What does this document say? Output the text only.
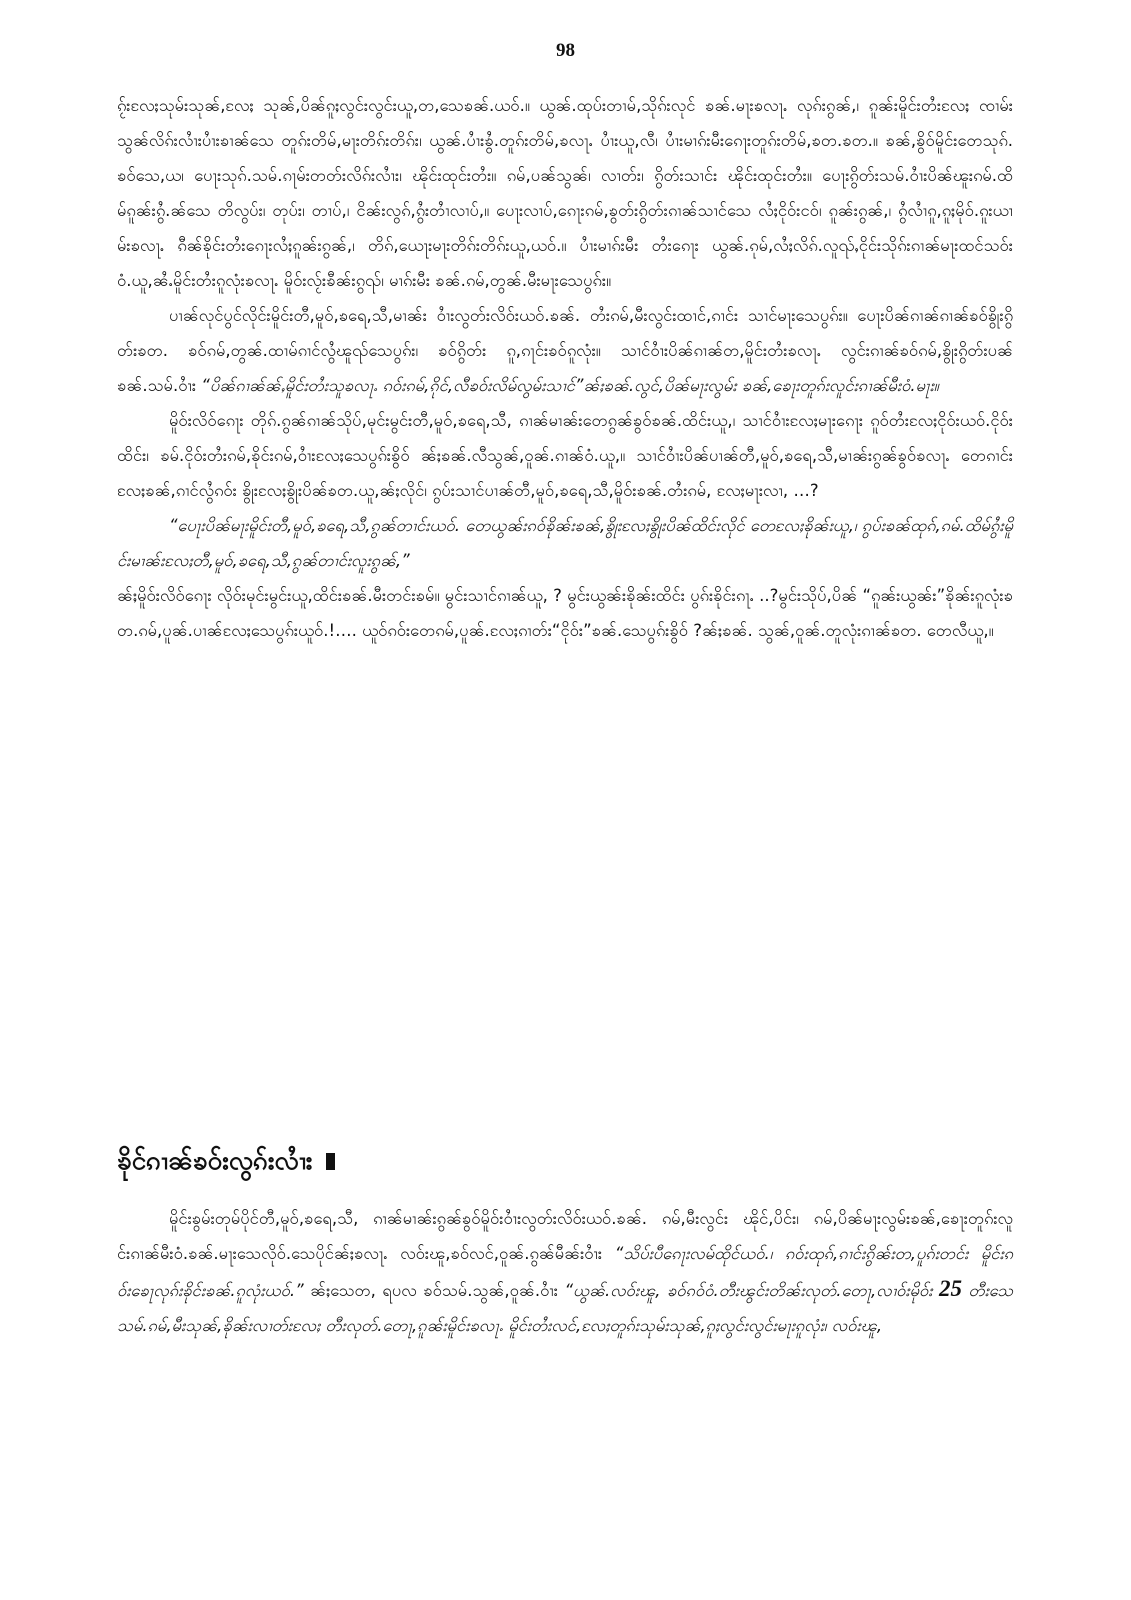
98

ၵႂ်းလႄႈသုမ်းသုၼ်,လႄႈ သုၼ်,ပိၼ်ၵူႈလွင်းလွင်းယူ,တ,သေၶၼ်.ယဝ်.။ ယွၼ်.ထုပ်းတၢမ်,သိုၵ်းလုင် ၶၼ်.မႃးၶလႃႉ လုၵ်းၵွၼ်,၊ ၵူၼ်းမိူင်းတႆးလႄႈ ၸၢမ်းသွၼ်လိၵ်းလၢႆးပၢႆးၶၢၼ်သေ တူၵ်းတိမ်,မႃးတိၵ်းတိၵ်း၊ ယွၼ်.ပၢႆးၶွႆ.တူၵ်းတိမ်,ၶလႃႉ ပၢႆးယူ,လီ၊ ပၢႆးမၢၵ်းမီးၵေႃးတူၵ်းတိမ်,ၶတ.ၶတ.။ ၶၼ်,ၶွိဝ်မိူင်းတေသုၵ်. ၶဝ်သေ,ယ၊ ပေႃးသုၵ်.သမ်.ၵႃမ်းတတ်းလိၵ်းလၢႆး၊ ၽိုင်းထုင်းတႆး။ ၵမ်,ပၼ်သွၼ်၊ လၢတ်း၊ ၵွိတ်းသၢင်း ၽိုင်းထုင်းတႆး။ ပေႃးၵွိတ်းသမ်.ဝၢႆးပိၼ်ၽူးၵမ်.ထိမ်ၵူၼ်းၵွႆ.ၼ်သေ တိလွပ်း၊ တုပ်း၊ တၢပ်,၊ ငိၼ်းလွၵ်,ၵွႆးတၢႆလၢပ်,။ ပေႃးလၢပ်,ၵေႃးၵမ်,ၶွတ်းၵွိတ်းၵၢၼ်သၢင်သေ လႆႈငိုဝ်းငဝ်၊ ၵူၼ်းၵွၼ်,၊ ၵွႆလၢႆၵူ,ၵူႈမိုဝ်.ၵူးယၢမ်းၶလႃႉ ၵီၼ်ၶိုင်းတႆးၵေႃးလႆႈၵူၼ်းၵွၼ်,၊ တိၵ်,ယေႃးမႃးတိၵ်းတိၵ်းယူ,ယဝ်.။ ပၢႆးမၢၵ်းမီး တႆးၵေႃး ယွၼ်.ၵုမ်,လႆႈလိၵ်.လူၺ်ႇငိုင်းသိုၵ်းၵၢၼ်မႃးထင်သဝ်းဝံ.ယူ,ၼႆႉမိူင်းတႆးၵူလုံးၶလႃႉ မိူဝ်းလႂ်းၶီၼ်းၵွၺ်၊ မၢၵ်းမီး ၶၼ်.ၵမ်,တွၼ်.မီးမႃးသေပွၵ်း။

ပၢၼ်လုင်ပွင်လိုင်းမိူင်းတီ,မူဝ်,ၶရေ,သီ,မၢၼ်း ဝၢႆးလွတ်းလိဝ်းယဝ်.ၶၼ်. တႆးၵမ်,မီးလွင်းထၢင်,ၵၢင်း သၢင်မႃးသေပွၵ်း။ ပေႃးပိၼ်ၵၢၼ်ၵၢၼ်ၶဝ်ၶွိုးၵွိတ်းၶတ. ၶဝ်ၵမ်,တွၼ်.ထၢမ်ၵၢင်လွႆၽူၺ်သေပွၵ်း၊ ၶဝ်ၵွိတ်း ၵူ,ၵႃင်းၶဝ်ၵူလုံး။ သၢင်ဝၢႆးပိၼ်ၵၢၼ်တ,မိူင်းတႆးၶလႃႉ လွင်းၵၢၼ်ၶဝ်ၵမ်,ၶွိုးၵွိတ်းပၼ် ၶၼ်.သမ်.ဝၢႆး “ပိၼ်ၵၢၼ်ၼ်ႇမိူင်းတႆးသူၶလႃႉ ၵဝ်းၵမ်,ၵိုင်,လီၶဝ်းလိမ်လွမ်းသၢင်”ၼ်ႈၶၼ်.လွင်,ပိၼ်မႃးလွမ်း ၶၼ်,ၶေႃးတူၵ်းလူင်းၵၢၼ်မီးဝံ.မႃး။

မိူဝ်းလိဝ်ၵေႃး တိုၵ်.ၵွၼ်ၵၢၼ်သိုပ်,မုင်းမွင်းတီ,မူဝ်,ၶရေ,သီ, ၵၢၼ်မၢၼ်းတေၵွၼ်ၶွဝ်ၶၼ်.ထိင်းယူ,၊ သၢင်ဝၢႆးလႄႈမႃးၵေႃး ၵူဝ်တႆးလႄႈငိုဝ်းယဝ်.ငိုဝ်းထိင်း၊ ၶမ်.ငိုဝ်းတႆးၵမ်,ၶိုင်းၵမ်,ဝၢႆးလႄႈသေပွၵ်းၶွိဝ် ၼ်ႈၶၼ်.လီသွၼ်,ဝူၼ်.ၵၢၼ်ဝံ.ယူ,။ သၢင်ဝၢႆးပိၼ်ပၢၼ်တီ,မူဝ်,ၶရေ,သီ,မၢၼ်းၵွၼ်ၶွဝ်ၶလႃႉ တေၵၢင်း လႄႈၶၼ်,ၵၢင်လွႆၵဝ်း ၶွိုးလႄႈၶွိုးပိၼ်ၶတ.ယူ,ၼ်ႈလိုင်၊ ၵွပ်းသၢင်ပၢၼ်တီ,မူဝ်,ၶရေ,သီ,မိူဝ်းၶၼ်.တႆးၵမ်, လႄႈမႃးလၢ, …?

“ပေႃးပိၼ်မႃးမိူင်းတီ,မူဝ်,ၶရေ,သီ,ၵွၼ်တၢင်းယဝ်. တေယွၼ်းၵဝ်ၶိုၼ်းၶၼ်,ၶွိုးလႄႈၶွိုးပိၼ်ထိင်းလိုင် တေလႄႈၶိုၼ်းယူ,၊ ၵွပ်းၶၼ်ထုၵ်,ၵမ်.ထိမ်ၵွႆးမိူင်းမၢၼ်းလႄႈတီ,မူဝ်,ၶရေ,သီ,ၵွၼ်တၢင်းလူးၵွၼ်,”

ၼ်ႈမိူဝ်းလိဝ်ၵေႃး လိုဝ်းမုင်းမွင်းယူ,ထိင်းၶၼ်.မီးတင်းၶမ်။ မွင်းသၢင်ၵၢၼ်ယူ, ? မွင်းယွၼ်းၶိုၼ်းထိင်း ပွၵ်းၶိုင်းၵႃႉ ..?မွင်းသိုပ်,ပိၼ် “ၵူၼ်းယွၼ်း”ၶိုၼ်းၵူလုံးၶတ.ၵမ်,ပူၼ်.ပၢၼ်လႄႈသေပွၵ်းယူဝ်.!…. ယူဝ်ၵဝ်းတေၵမ်,ပူၼ်.လႄႈၵၢတ်း“ငိုဝ်း”ၶၼ်.သေပွၵ်းၶွိဝ် ?ၼ်ႈၶၼ်. သွၼ်,ဝူၼ်.တူလုံးၵၢၼ်ၶတ. တေလီယူ,။

ၶိုင်ၵၢၼ်ၶဝ်းလွၵ်းလၢႆး

မိူင်းၶွမ်းတုမ်ပိုင်တီ,မူဝ်,ၶရေ,သီ, ၵၢၼ်မၢၼ်းၵွၼ်ၶွဝ်မိူဝ်းဝၢႆးလွတ်းလိဝ်းယဝ်.ၶၼ်. ၵမ်,မီးလွင်း ၽိုင်,ပိင်း၊ ၵမ်,ပိၼ်မႃးလွမ်းၶၼ်,ၶေႃးတူၵ်းလူင်းၵၢၼ်မီးဝံ.ၶၼ်.မႃးသေလိုဝ်.သေပိုင်ၼ်ႈၶလႃႉ လဝ်းၽူ,ၶဝ်လင်,ဝူၼ်.ၵွၼ်မီၼ်းဝၢႆး “သိပ်းပီၵေႃးလမ်ထိုင်ယဝ်.၊ ၵဝ်းထုၵ်,ၵၢင်းၵွိၼ်းတ,ပူၵ်းတင်း မိူင်းၵဝ်းၶေႃလုၵ်းၶိုင်းၶၼ်.ၵူလုံးယဝ်.” ၼ်ႈသေတ, ရပလ ၶဝ်သမ်.သွၼ်,ဝူၼ်.ဝၢႆး “ယွၼ်.လဝ်းၽူ, ၶဝ်ၵဝ်ဝံ.တီးၽွင်းတိၼ်းလုတ်.တေႃ,လၢဝ်းမိုဝ်း 25 တီးသေသမ်.ၵမ်,မီးသုၼ်,ၶိုၼ်းလၢတ်းလႄႈ တီးလုတ်.တေႃ,ၵူၼ်းမိူင်းၶလႃႉ မိူင်းတႆးလင်,လႄႈတူၵ်းသုမ်းသုၼ်,ၵူႈလွင်းလွင်းမႃးၵူလုံး၊ လဝ်းၽူ,
